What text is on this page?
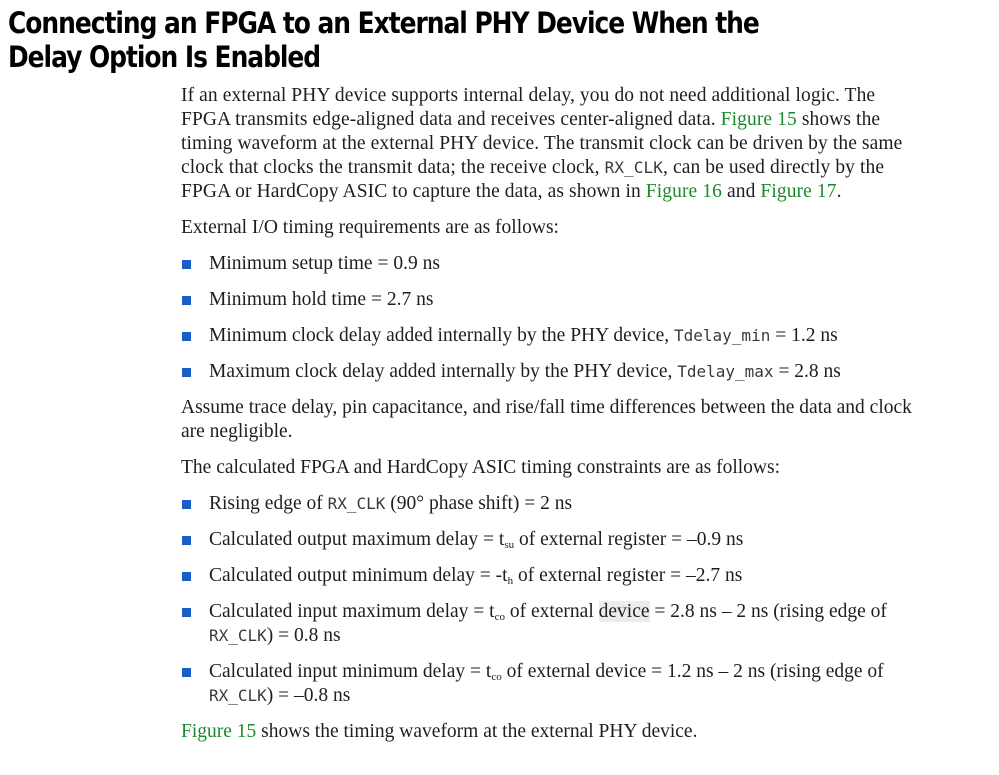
Connecting an FPGA to an External PHY Device When the Delay Option Is Enabled

If an external PHY device supports internal delay, you do not need additional logic. The FPGA transmits edge-aligned data and receives center-aligned data. Figure 15 shows the timing waveform at the external PHY device. The transmit clock can be driven by the same clock that clocks the transmit data; the receive clock, RX_CLK, can be used directly by the FPGA or HardCopy ASIC to capture the data, as shown in Figure 16 and Figure 17.

External I/O timing requirements are as follows:

Minimum setup time = 0.9 ns
Minimum hold time = 2.7 ns
Minimum clock delay added internally by the PHY device, Tdelay_min = 1.2 ns
Maximum clock delay added internally by the PHY device, Tdelay_max = 2.8 ns

Assume trace delay, pin capacitance, and rise/fall time differences between the data and clock are negligible.

The calculated FPGA and HardCopy ASIC timing constraints are as follows:

Rising edge of RX_CLK (90° phase shift) = 2 ns
Calculated output maximum delay = $t_{su}$ of external register = –0.9 ns
Calculated output minimum delay = $-t_h$ of external register = –2.7 ns
Calculated input maximum delay = $t_{co}$ of external device = 2.8 ns – 2 ns (rising edge of RX_CLK) = 0.8 ns
Calculated input minimum delay = $t_{co}$ of external device = 1.2 ns – 2 ns (rising edge of RX_CLK) = –0.8 ns

Figure 15 shows the timing waveform at the external PHY device.
